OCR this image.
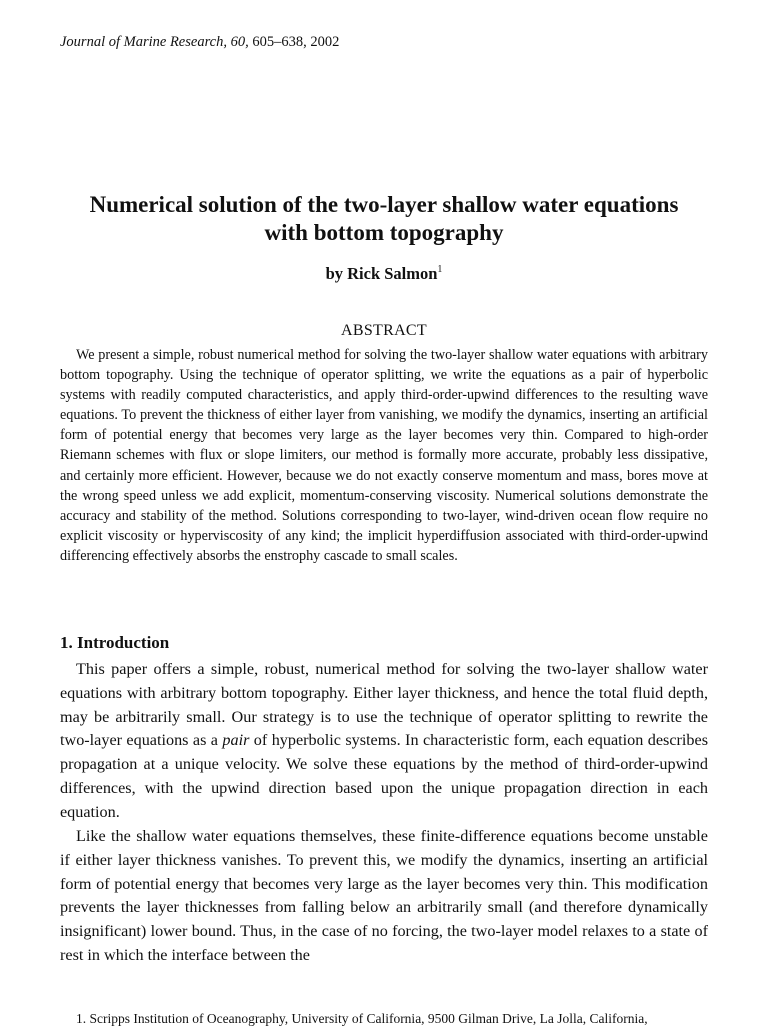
Journal of Marine Research, 60, 605–638, 2002
Numerical solution of the two-layer shallow water equations
with bottom topography
by Rick Salmon$^1$
ABSTRACT

We present a simple, robust numerical method for solving the two-layer shallow water equations with arbitrary bottom topography. Using the technique of operator splitting, we write the equations as a pair of hyperbolic systems with readily computed characteristics, and apply third-order-upwind differences to the resulting wave equations. To prevent the thickness of either layer from vanishing, we modify the dynamics, inserting an artificial form of potential energy that becomes very large as the layer becomes very thin. Compared to high-order Riemann schemes with flux or slope limiters, our method is formally more accurate, probably less dissipative, and certainly more efficient. However, because we do not exactly conserve momentum and mass, bores move at the wrong speed unless we add explicit, momentum-conserving viscosity. Numerical solutions demonstrate the accuracy and stability of the method. Solutions corresponding to two-layer, wind-driven ocean flow require no explicit viscosity or hyperviscosity of any kind; the implicit hyperdiffusion associated with third-order-upwind differencing effectively absorbs the enstrophy cascade to small scales.

1. Introduction

This paper offers a simple, robust, numerical method for solving the two-layer shallow water equations with arbitrary bottom topography. Either layer thickness, and hence the total fluid depth, may be arbitrarily small. Our strategy is to use the technique of operator splitting to rewrite the two-layer equations as a pair of hyperbolic systems. In characteristic form, each equation describes propagation at a unique velocity. We solve these equations by the method of third-order-upwind differences, with the upwind direction based upon the unique propagation direction in each equation.

Like the shallow water equations themselves, these finite-difference equations become unstable if either layer thickness vanishes. To prevent this, we modify the dynamics, inserting an artificial form of potential energy that becomes very large as the layer becomes very thin. This modification prevents the layer thicknesses from falling below an arbitrarily small (and therefore dynamically insignificant) lower bound. Thus, in the case of no forcing, the two-layer model relaxes to a state of rest in which the interface between the

1. Scripps Institution of Oceanography, University of California, 9500 Gilman Drive, La Jolla, California,
